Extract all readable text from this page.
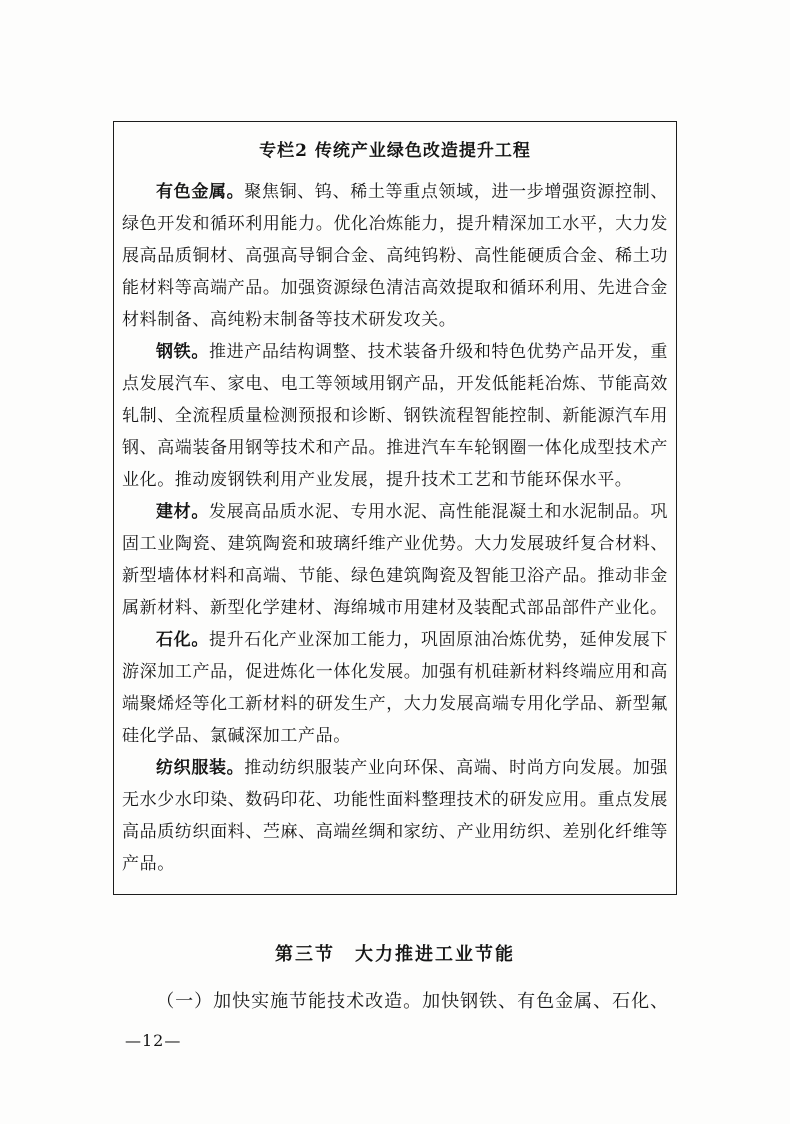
专栏2 传统产业绿色改造提升工程

有色金属。聚焦铜、钨、稀土等重点领域，进一步增强资源控制、绿色开发和循环利用能力。优化冶炼能力，提升精深加工水平，大力发展高品质铜材、高强高导铜合金、高纯钨粉、高性能硬质合金、稀土功能材料等高端产品。加强资源绿色清洁高效提取和循环利用、先进合金材料制备、高纯粉末制备等技术研发攻关。

钢铁。推进产品结构调整、技术装备升级和特色优势产品开发，重点发展汽车、家电、电工等领域用钢产品，开发低能耗冶炼、节能高效轧制、全流程质量检测预报和诊断、钢铁流程智能控制、新能源汽车用钢、高端装备用钢等技术和产品。推进汽车车轮钢圈一体化成型技术产业化。推动废钢铁利用产业发展，提升技术工艺和节能环保水平。

建材。发展高品质水泥、专用水泥、高性能混凝土和水泥制品。巩固工业陶瓷、建筑陶瓷和玻璃纤维产业优势。大力发展玻纤复合材料、新型墙体材料和高端、节能、绿色建筑陶瓷及智能卫浴产品。推动非金属新材料、新型化学建材、海绵城市用建材及装配式部品部件产业化。

石化。提升石化产业深加工能力，巩固原油冶炼优势，延伸发展下游深加工产品，促进炼化一体化发展。加强有机硅新材料终端应用和高端聚烯烃等化工新材料的研发生产，大力发展高端专用化学品、新型氟硅化学品、氯碱深加工产品。

纺织服装。推动纺织服装产业向环保、高端、时尚方向发展。加强无水少水印染、数码印花、功能性面料整理技术的研发应用。重点发展高品质纺织面料、苎麻、高端丝绸和家纺、产业用纺织、差别化纤维等产品。

第三节　大力推进工业节能

（一）加快实施节能技术改造。加快钢铁、有色金属、石化、

—12—
